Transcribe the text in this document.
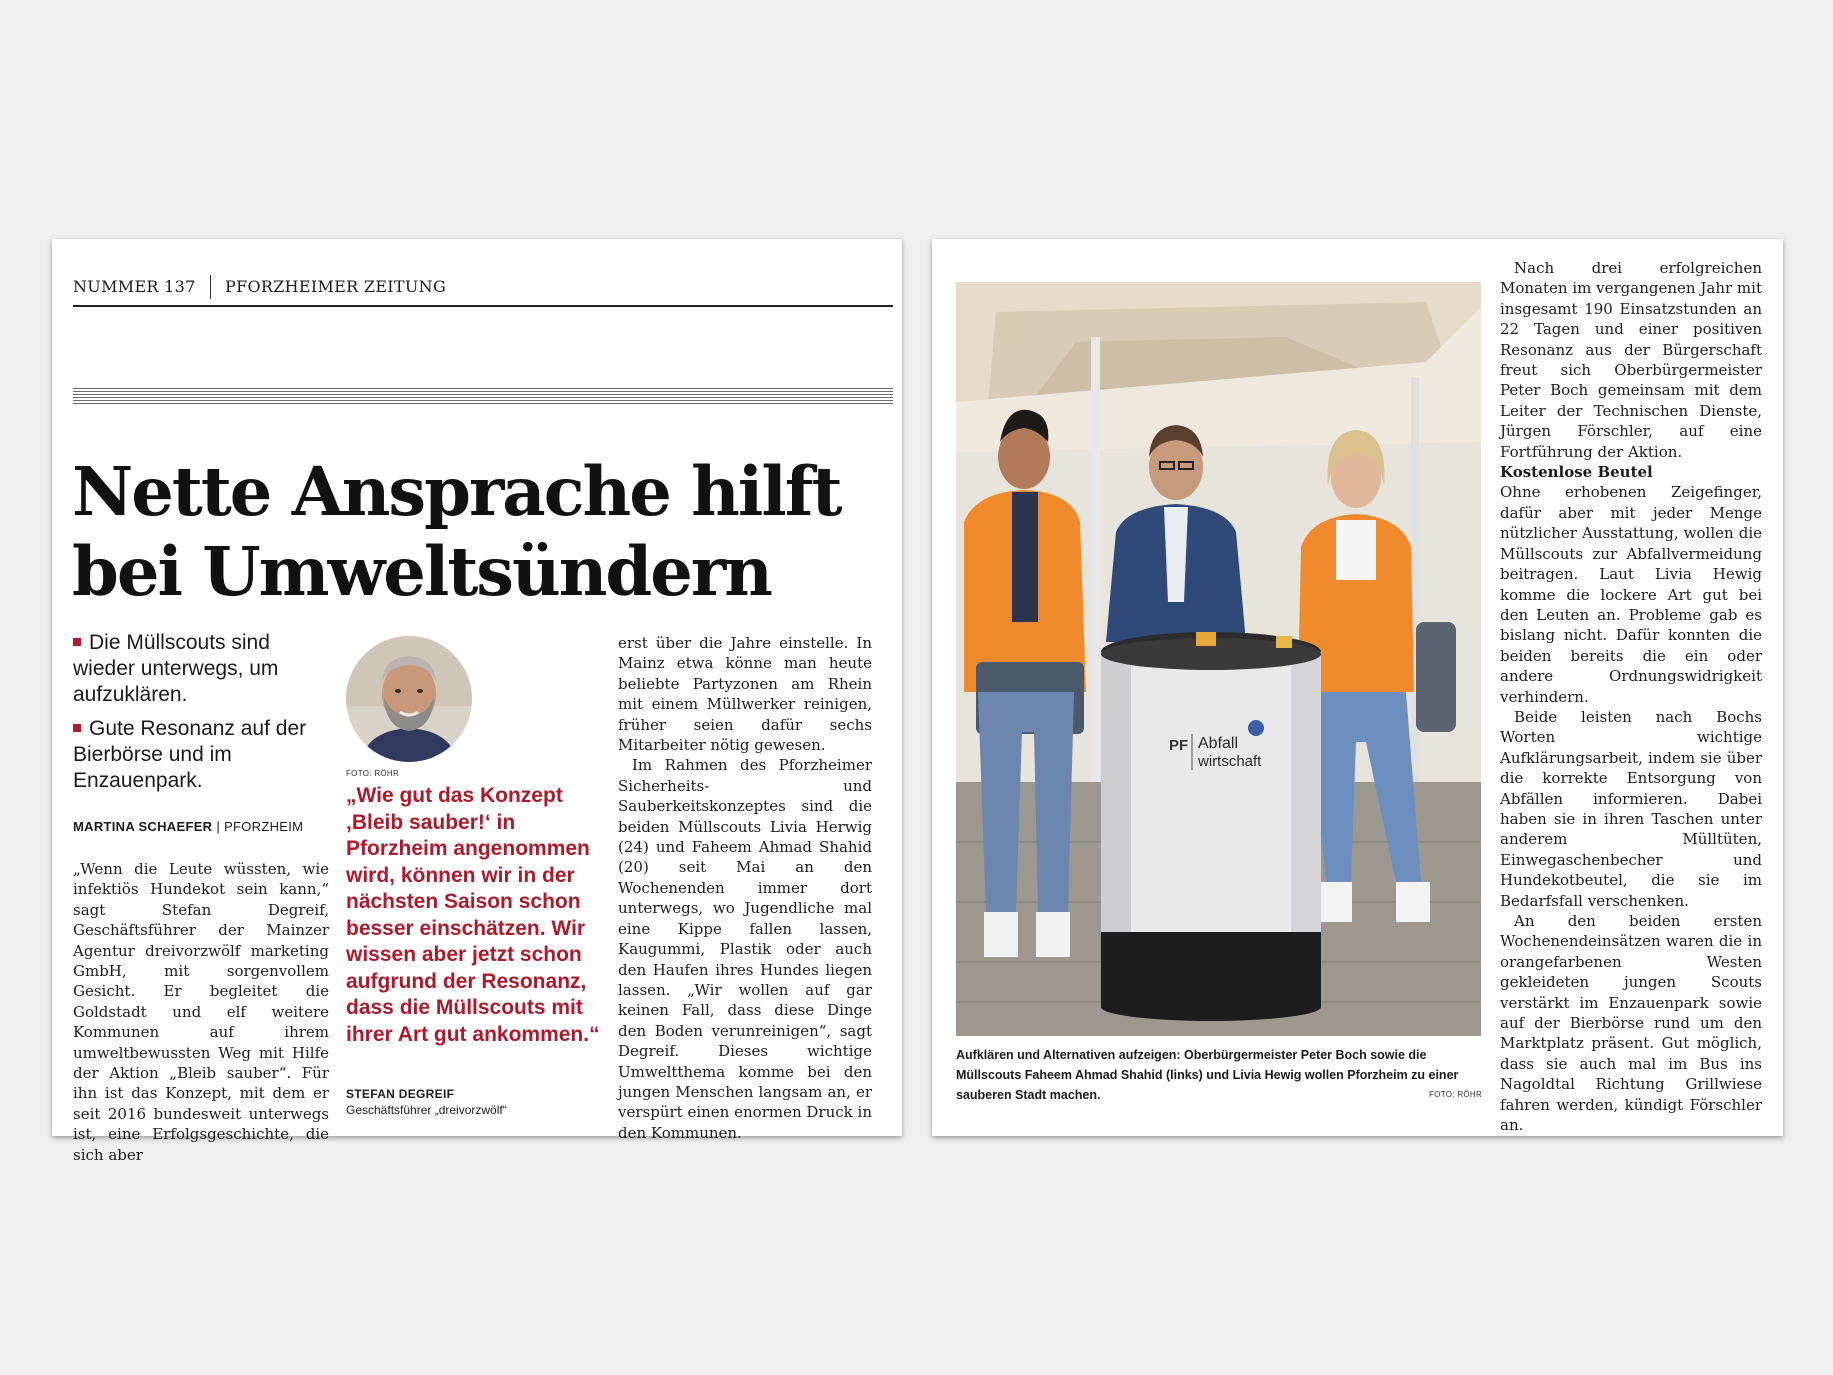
NUMMER 137 PFORZHEIMER ZEITUNG
Nette Ansprache hilft bei Umweltsündern
Die Müllscouts sind wieder unterwegs, um aufzuklären.
Gute Resonanz auf der Bierbörse und im Enzauenpark.
MARTINA SCHAEFER | PFORZHEIM

„Wenn die Leute wüssten, wie infektiös Hundekot sein kann,“ sagt Stefan Degreif, Geschäftsführer der Mainzer Agentur dreivorzwölf marketing GmbH, mit sorgenvollem Gesicht. Er begleitet die Goldstadt und elf weitere Kommunen auf ihrem umweltbewussten Weg mit Hilfe der Aktion „Bleib sauber“. Für ihn ist das Konzept, mit dem er seit 2016 bundesweit unterwegs ist, eine Erfolgsgeschichte, die sich aber

FOTO: RÖHR

„Wie gut das Konzept ‚Bleib sauber!‘ in Pforzheim angenommen wird, können wir in der nächsten Saison schon besser einschätzen. Wir wissen aber jetzt schon aufgrund der Resonanz, dass die Müllscouts mit ihrer Art gut ankommen.“

STEFAN DEGREIF
Geschäftsführer „dreivorzwölf“

erst über die Jahre einstelle. In Mainz etwa könne man heute beliebte Partyzonen am Rhein mit einem Müllwerker reinigen, früher seien dafür sechs Mitarbeiter nötig gewesen.

Im Rahmen des Pforzheimer Sicherheits- und Sauberkeitskonzeptes sind die beiden Müllscouts Livia Herwig (24) und Faheem Ahmad Shahid (20) seit Mai an den Wochenenden immer dort unterwegs, wo Jugendliche mal eine Kippe fallen lassen, Kaugummi, Plastik oder auch den Haufen ihres Hundes liegen lassen. „Wir wollen auf gar keinen Fall, dass diese Dinge den Boden verunreinigen“, sagt Degreif. Dieses wichtige Umweltthema komme bei den jungen Menschen langsam an, er verspürt einen enormen Druck in den Kommunen.

PF Abfall
wirtschaft

Aufklären und Alternativen aufzeigen: Oberbürgermeister Peter Boch sowie die Müllscouts Faheem Ahmad Shahid (links) und Livia Hewig wollen Pforzheim zu einer sauberen Stadt machen.	FOTO: RÖHR

Nach drei erfolgreichen Monaten im vergangenen Jahr mit insgesamt 190 Einsatzstunden an 22 Tagen und einer positiven Resonanz aus der Bürgerschaft freut sich Oberbürgermeister Peter Boch gemeinsam mit dem Leiter der Technischen Dienste, Jürgen Förschler, auf eine Fortführung der Aktion.

Kostenlose Beutel

Ohne erhobenen Zeigefinger, dafür aber mit jeder Menge nützlicher Ausstattung, wollen die Müllscouts zur Abfallvermeidung beitragen. Laut Livia Hewig komme die lockere Art gut bei den Leuten an. Probleme gab es bislang nicht. Dafür konnten die beiden bereits die ein oder andere Ordnungswidrigkeit verhindern.

Beide leisten nach Bochs Worten wichtige Aufklärungsarbeit, indem sie über die korrekte Entsorgung von Abfällen informieren. Dabei haben sie in ihren Taschen unter anderem Mülltüten, Einwegaschenbecher und Hundekotbeutel, die sie im Bedarfsfall verschenken.

An den beiden ersten Wochenendeinsätzen waren die in orangefarbenen Westen gekleideten jungen Scouts verstärkt im Enzauenpark sowie auf der Bierbörse rund um den Marktplatz präsent. Gut möglich, dass sie auch mal im Bus ins Nagoldtal Richtung Grillwiese fahren werden, kündigt Förschler an.
